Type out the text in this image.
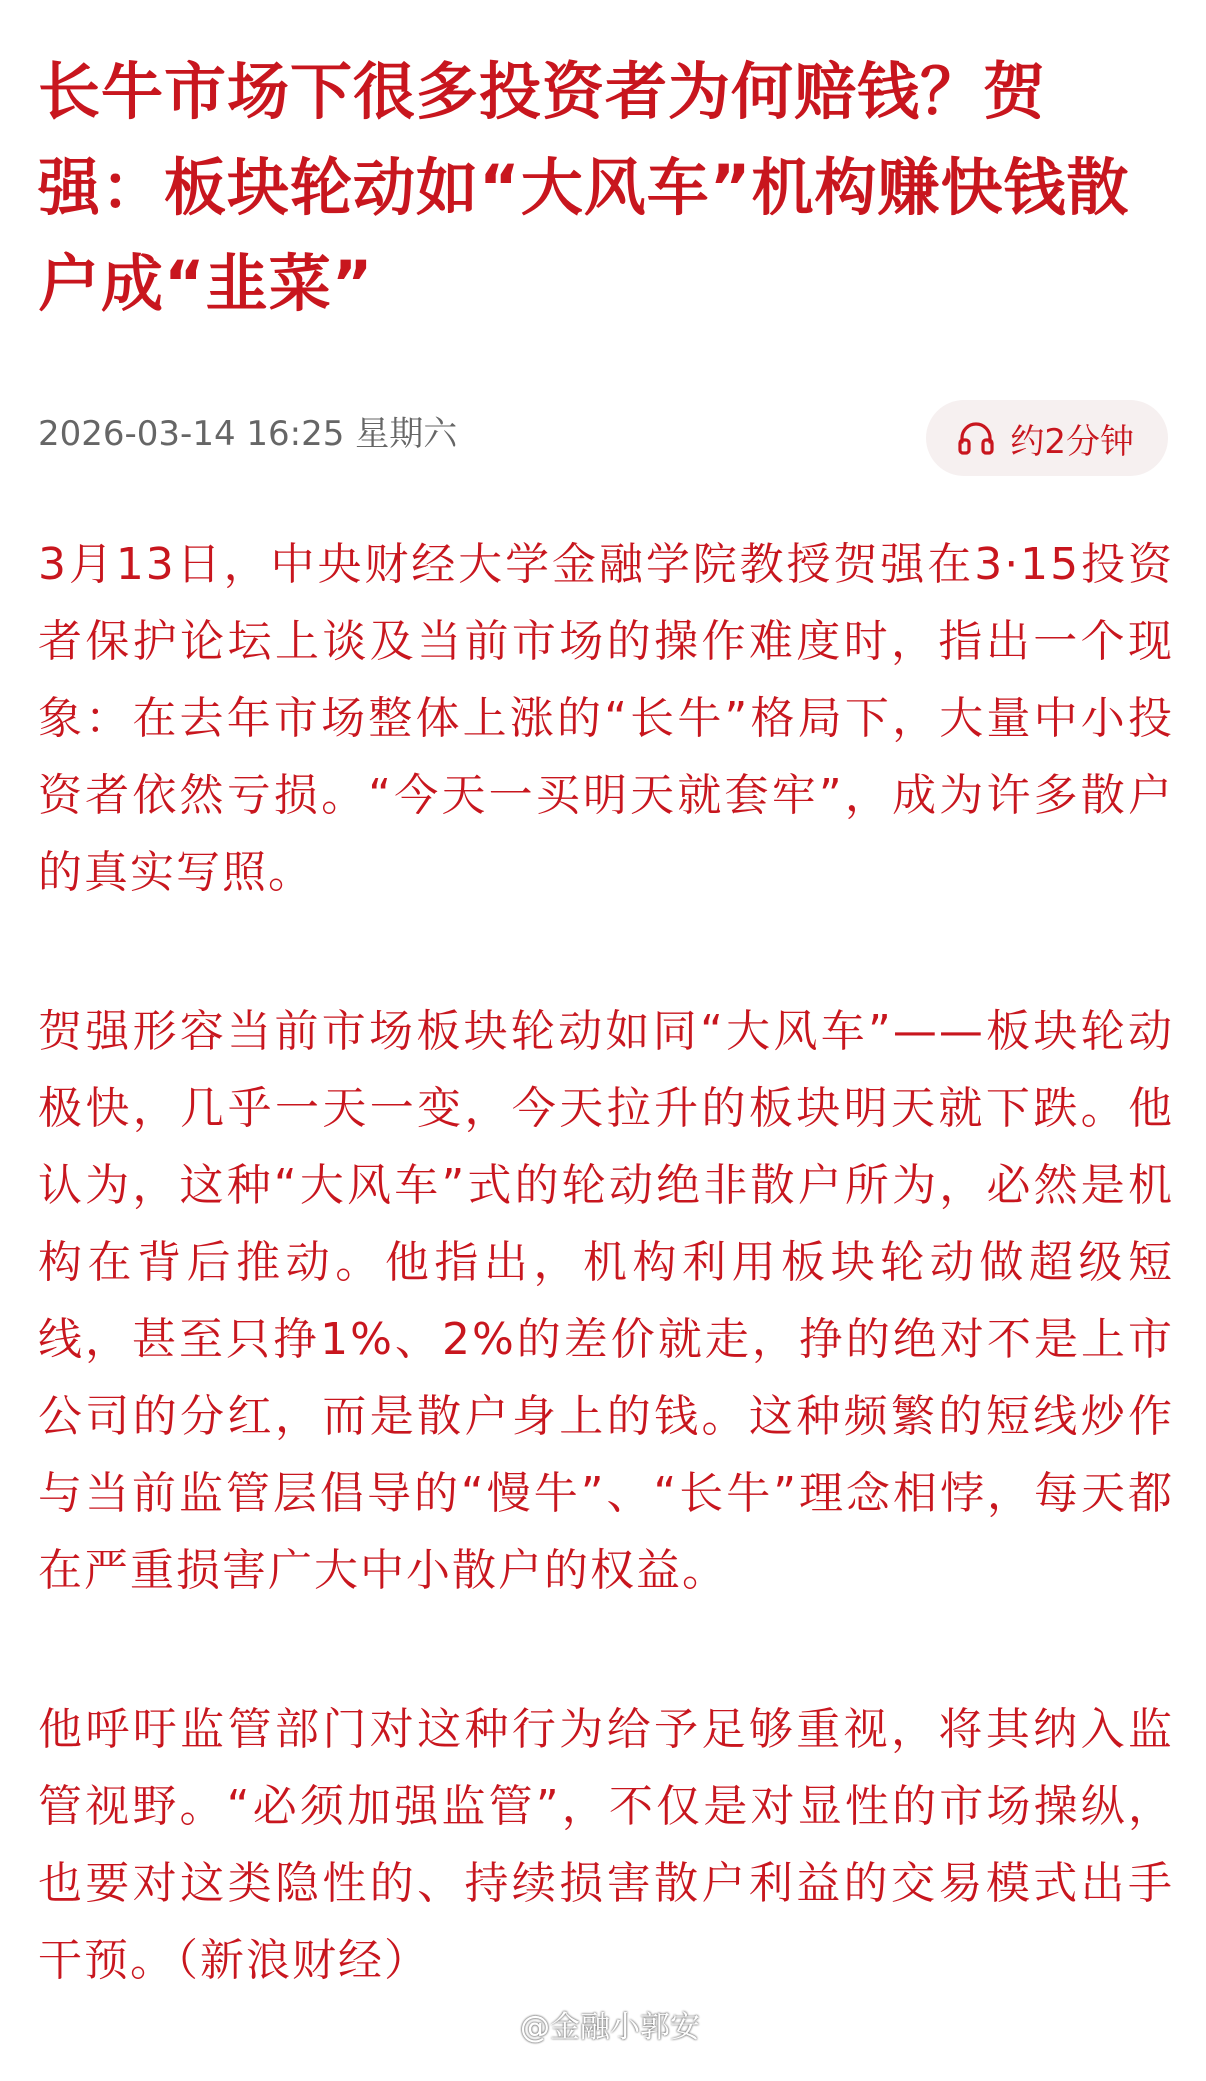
长牛市场下很多投资者为何赔钱？贺强：板块轮动如“大风车”机构赚快钱散户成“韭菜”
2026-03-14 16:25 星期六	约2分钟

3月13日，中央财经大学金融学院教授贺强在3·15投资者保护论坛上谈及当前市场的操作难度时，指出一个现象：在去年市场整体上涨的“长牛”格局下，大量中小投资者依然亏损。“今天一买明天就套牢”，成为许多散户的真实写照。

贺强形容当前市场板块轮动如同“大风车”——板块轮动极快，几乎一天一变，今天拉升的板块明天就下跌。他认为，这种“大风车”式的轮动绝非散户所为，必然是机构在背后推动。他指出，机构利用板块轮动做超级短线，甚至只挣1%、2%的差价就走，挣的绝对不是上市公司的分红，而是散户身上的钱。这种频繁的短线炒作与当前监管层倡导的“慢牛”、“长牛”理念相悖，每天都在严重损害广大中小散户的权益。

他呼吁监管部门对这种行为给予足够重视，将其纳入监管视野。“必须加强监管”，不仅是对显性的市场操纵，也要对这类隐性的、持续损害散户利益的交易模式出手干预。（新浪财经）

@金融小郭安
